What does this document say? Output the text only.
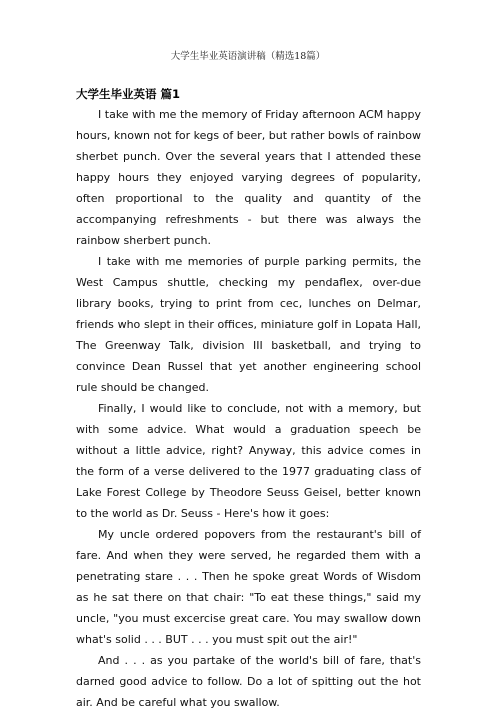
大学生毕业英语演讲稿（精选18篇）
大学生毕业英语 篇1

I take with me the memory of Friday afternoon ACM happy hours, known not for kegs of beer, but rather bowls of rainbow sherbet punch. Over the several years that I attended these happy hours they enjoyed varying degrees of popularity, often proportional to the quality and quantity of the accompanying refreshments - but there was always the rainbow sherbert punch.

I take with me memories of purple parking permits, the West Campus shuttle, checking my pendaflex, over-due library books, trying to print from cec, lunches on Delmar, friends who slept in their offices, miniature golf in Lopata Hall, The Greenway Talk, division III basketball, and trying to convince Dean Russel that yet another engineering school rule should be changed.

Finally, I would like to conclude, not with a memory, but with some advice. What would a graduation speech be without a little advice, right? Anyway, this advice comes in the form of a verse delivered to the 1977 graduating class of Lake Forest College by Theodore Seuss Geisel, better known to the world as Dr. Seuss - Here's how it goes:

My uncle ordered popovers from the restaurant's bill of fare. And when they were served, he regarded them with a penetrating stare . . . Then he spoke great Words of Wisdom as he sat there on that chair: "To eat these things," said my uncle, "you must excercise great care. You may swallow down what's solid . . . BUT . . . you must spit out the air!"

And . . . as you partake of the world's bill of fare, that's darned good advice to follow. Do a lot of spitting out the hot air. And be careful what you swallow.
